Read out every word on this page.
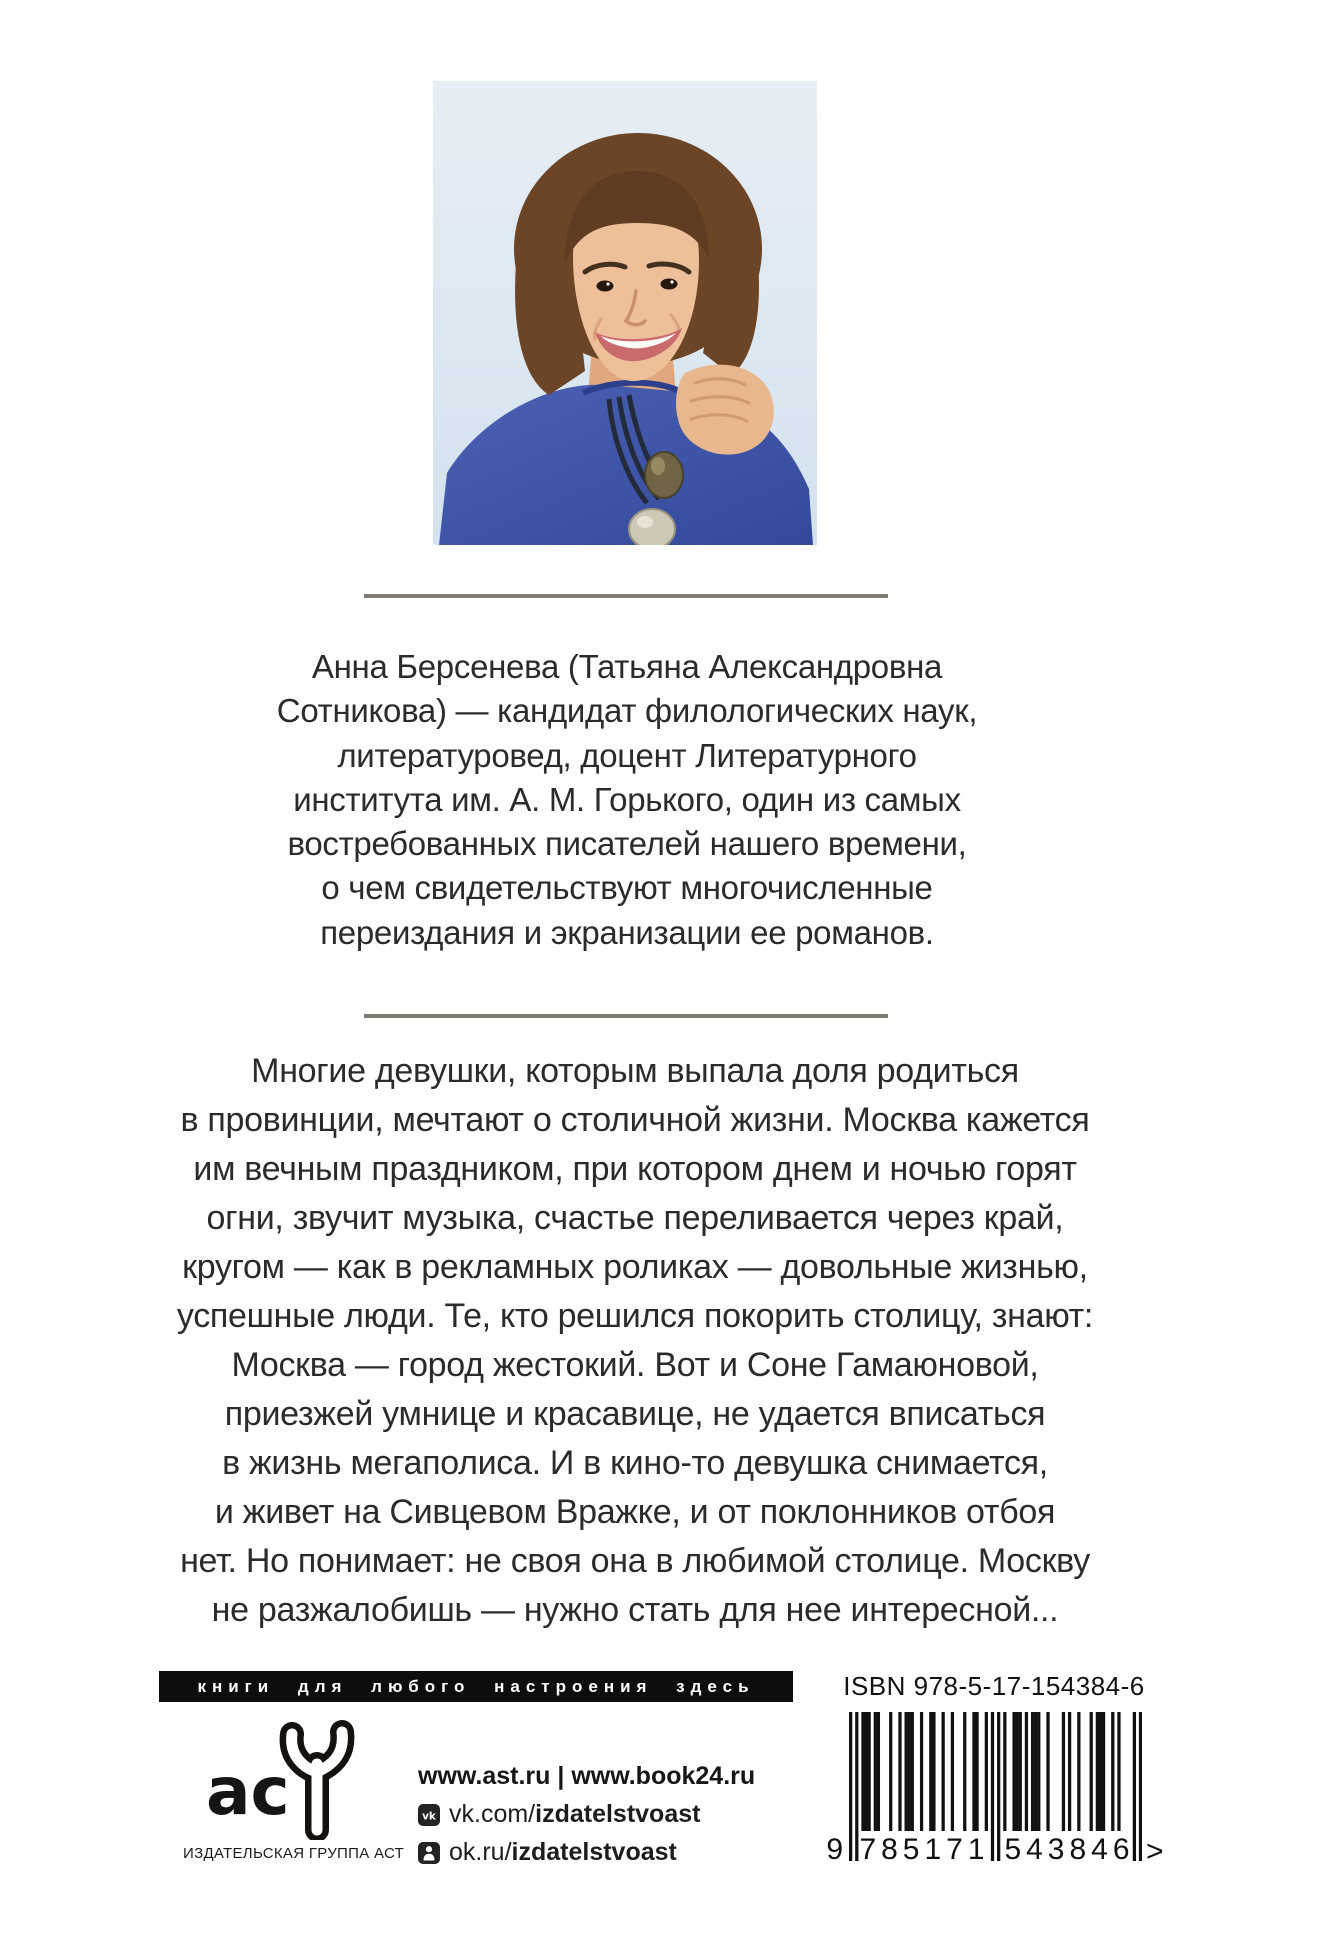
Анна Берсенева (Татьяна Александровна
Сотникова) — кандидат филологических наук,
литературовед, доцент Литературного
института им. А. М. Горького, один из самых
востребованных писателей нашего времени,
о чем свидетельствуют многочисленные
переиздания и экранизации ее романов.
Многие девушки, которым выпала доля родиться
в провинции, мечтают о столичной жизни. Москва кажется
им вечным праздником, при котором днем и ночью горят
огни, звучит музыка, счастье переливается через край,
кругом — как в рекламных роликах — довольные жизнью,
успешные люди. Те, кто решился покорить столицу, знают:
Москва — город жестокий. Вот и Соне Гамаюновой,
приезжей умнице и красавице, не удается вписаться
в жизнь мегаполиса. И в кино-то девушка снимается,
и живет на Сивцевом Вражке, и от поклонников отбоя
нет. Но понимает: не своя она в любимой столице. Москву
не разжалобишь — нужно стать для нее интересной...
книги для любого настроения здесь	ISBN 978-5-17-154384-6
9 785171 543846 >
ас
ИЗДАТЕЛЬСКАЯ ГРУППА АСТ
www.ast.ru | www.book24.ru
vk vk.com/izdatelstvoast
ok.ru/izdatelstvoast
